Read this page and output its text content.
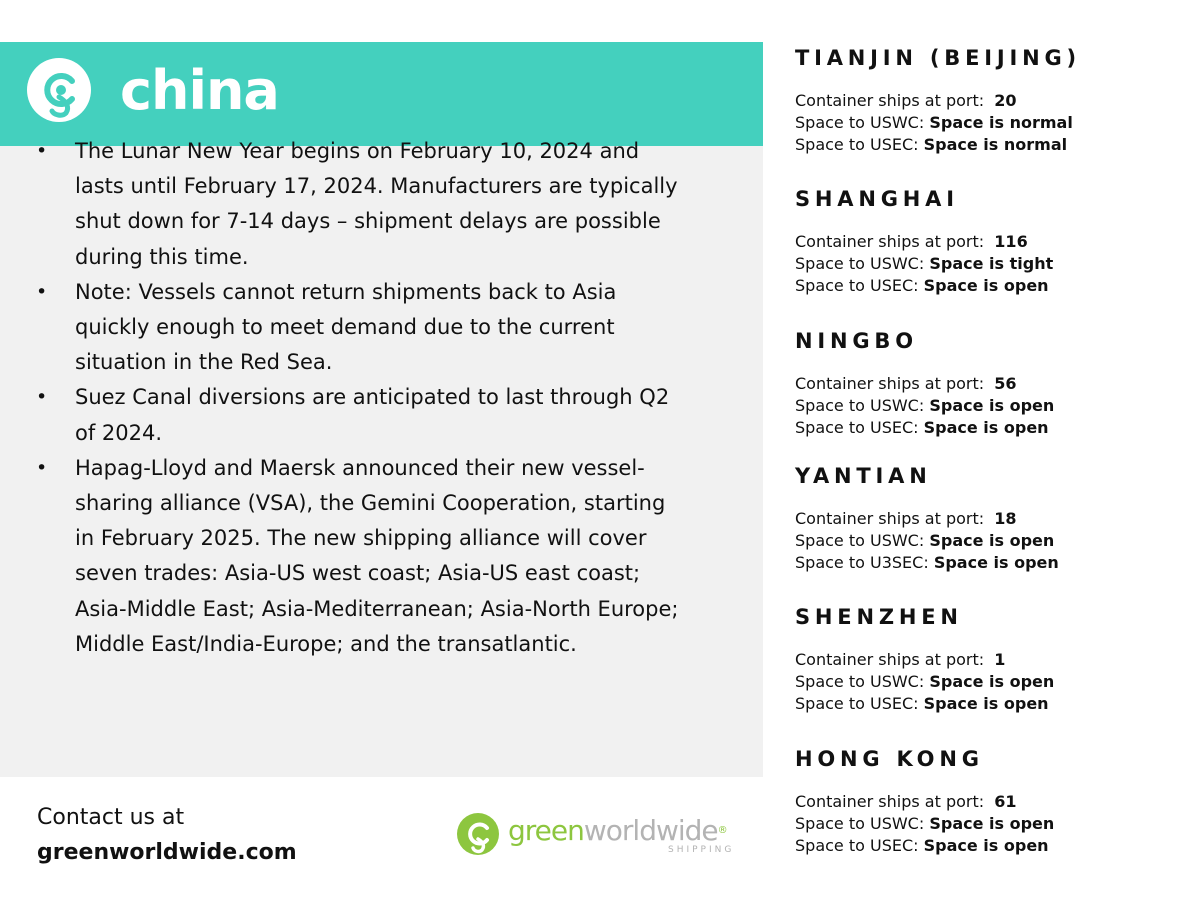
china
• The Lunar New Year begins on February 10, 2024 and lasts until February 17, 2024. Manufacturers are typically shut down for 7-14 days – shipment delays are possible during this time.
• Note: Vessels cannot return shipments back to Asia quickly enough to meet demand due to the current situation in the Red Sea.
• Suez Canal diversions are anticipated to last through Q2 of 2024.
• Hapag-Lloyd and Maersk announced their new vessel-sharing alliance (VSA), the Gemini Cooperation, starting in February 2025. The new shipping alliance will cover seven trades: Asia-US west coast; Asia-US east coast; Asia-Middle East; Asia-Mediterranean; Asia-North Europe; Middle East/India-Europe; and the transatlantic.
Contact us at
greenworldwide.com
greenworldwide®
SHIPPING
TIANJIN (BEIJING)
Container ships at port: 20
Space to USWC: Space is normal
Space to USEC: Space is normal
SHANGHAI
Container ships at port: 116
Space to USWC: Space is tight
Space to USEC: Space is open
NINGBO
Container ships at port: 56
Space to USWC: Space is open
Space to USEC: Space is open
YANTIAN
Container ships at port: 18
Space to USWC: Space is open
Space to U3SEC: Space is open
SHENZHEN
Container ships at port: 1
Space to USWC: Space is open
Space to USEC: Space is open
HONG KONG
Container ships at port: 61
Space to USWC: Space is open
Space to USEC: Space is open
